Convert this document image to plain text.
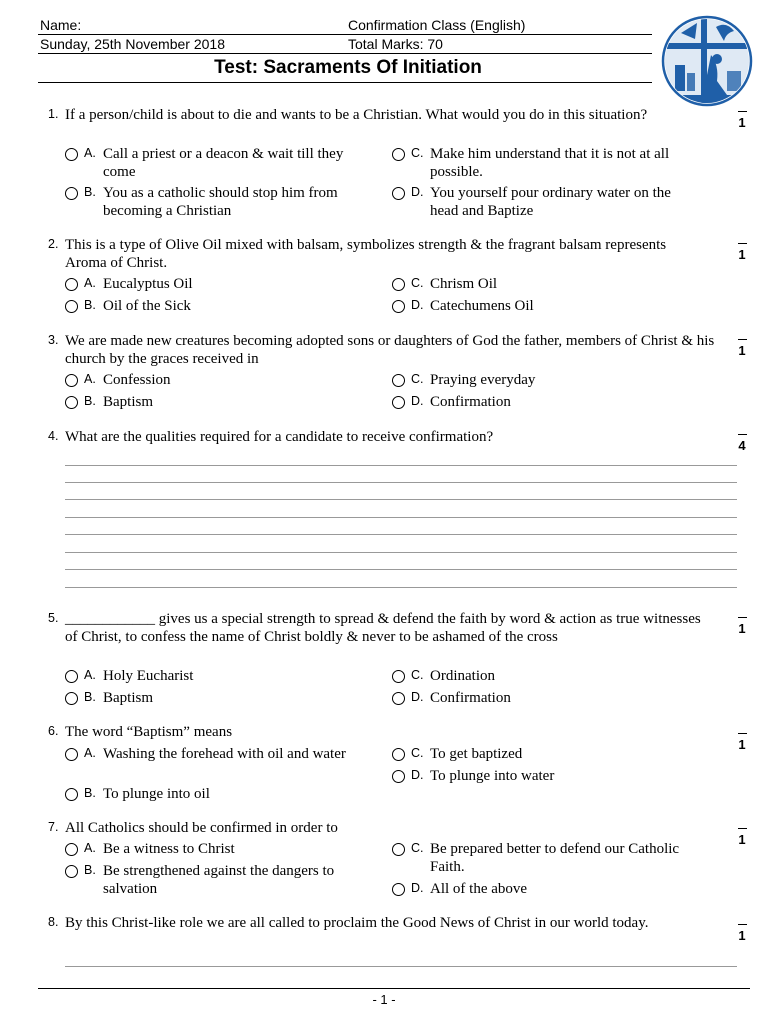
Name:	Confirmation Class (English)
Sunday, 25th November 2018	Total Marks: 70
Test: Sacraments Of Initiation
1. If a person/child is about to die and wants to be a Christian. What would you do in this situation?	1
A. Call a priest or a deacon & wait till they come
B. You as a catholic should stop him from becoming a Christian
C. Make him understand that it is not at all possible.
D. You yourself pour ordinary water on the head and Baptize
2. This is a type of Olive Oil mixed with balsam, symbolizes strength & the fragrant balsam represents Aroma of Christ.
1
A. Eucalyptus Oil
B. Oil of the Sick
C. Chrism Oil
D. Catechumens Oil
3. We are made new creatures becoming adopted sons or daughters of God the father, members of Christ & his church by the graces received in
1
A. Confession
B. Baptism
C. Praying everyday
D. Confirmation
4. What are the qualities required for a candidate to receive confirmation?
4
5. ____________ gives us a special strength to spread & defend the faith by word & action as true witnesses of Christ, to confess the name of Christ boldly & never to be ashamed of the cross
1
A. Holy Eucharist
B. Baptism
C. Ordination
D. Confirmation
6. The word “Baptism” means
1
A. Washing the forehead with oil and water
B. To plunge into oil
C. To get baptized
D. To plunge into water
7. All Catholics should be confirmed in order to
1
A. Be a witness to Christ
B. Be strengthened against the dangers to salvation
C. Be prepared better to defend our Catholic Faith.
D. All of the above
8. By this Christ-like role we are all called to proclaim the Good News of Christ in our world today.
1
- 1 -
